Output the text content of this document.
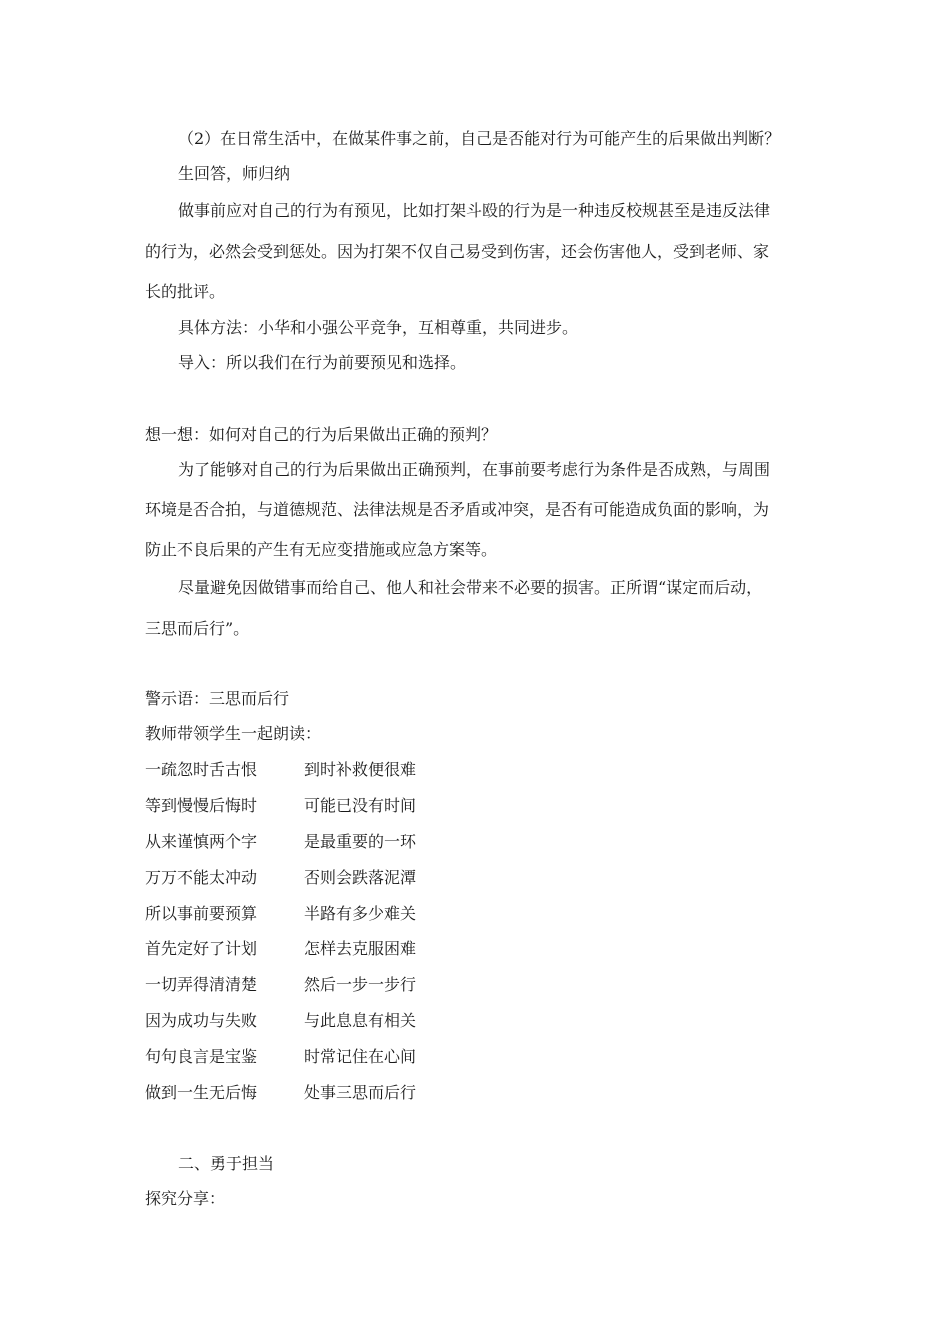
（2）在日常生活中，在做某件事之前，自己是否能对行为可能产生的后果做出判断？
生回答，师归纳
做事前应对自己的行为有预见，比如打架斗殴的行为是一种违反校规甚至是违反法律
的行为，必然会受到惩处。因为打架不仅自己易受到伤害，还会伤害他人，受到老师、家
长的批评。
具体方法：小华和小强公平竞争，互相尊重，共同进步。
导入：所以我们在行为前要预见和选择。
想一想：如何对自己的行为后果做出正确的预判？
为了能够对自己的行为后果做出正确预判，在事前要考虑行为条件是否成熟，与周围
环境是否合拍，与道德规范、法律法规是否矛盾或冲突，是否有可能造成负面的影响，为
防止不良后果的产生有无应变措施或应急方案等。
尽量避免因做错事而给自己、他人和社会带来不必要的损害。正所谓“谋定而后动，
三思而后行”。
警示语：三思而后行
教师带领学生一起朗读：
一疏忽时舌古恨	到时补救便很难
等到慢慢后悔时	可能已没有时间
从来谨慎两个字	是最重要的一环
万万不能太冲动	否则会跌落泥潭
所以事前要预算	半路有多少难关
首先定好了计划	怎样去克服困难
一切弄得清清楚	然后一步一步行
因为成功与失败	与此息息有相关
句句良言是宝鉴	时常记住在心间
做到一生无后悔	处事三思而后行
二、勇于担当
探究分享：
